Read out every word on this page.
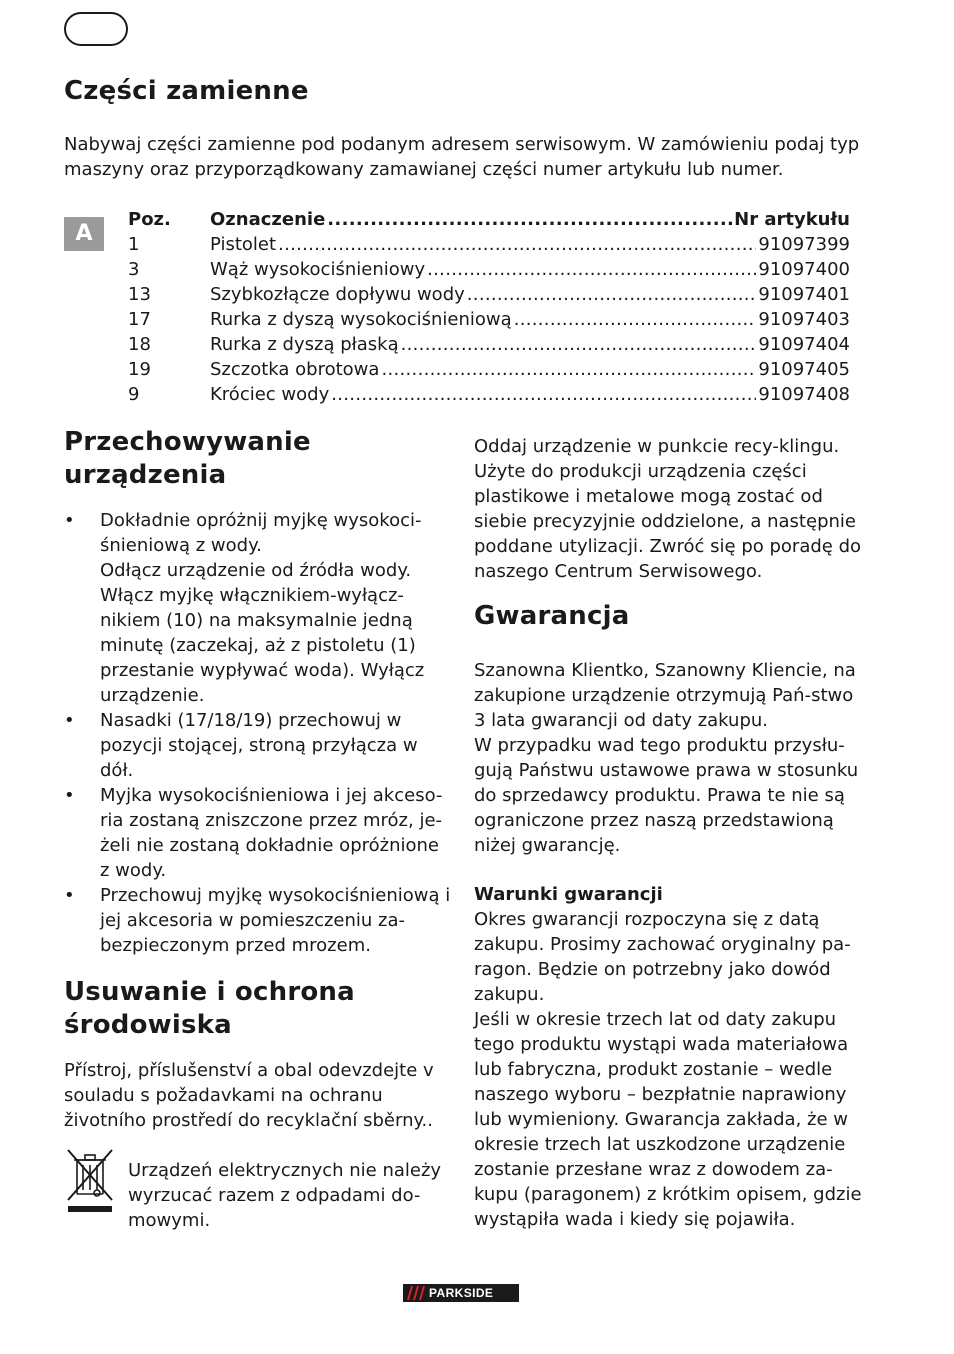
Części zamienne
Nabywaj części zamienne pod podanym adresem serwisowym. W zamówieniu podaj typ maszyny oraz przyporządkowany zamawianej części numer artykułu lub numer.
A
Poz.	Oznaczenie .....	Nr artykułu
1	Pistolet .....	91097399
3	Wąż wysokociśnieniowy .....	91097400
13	Szybkozłącze dopływu wody .....	91097401
17	Rurka z dyszą wysokociśnieniową .....	91097403
18	Rurka z dyszą płaską .....	91097404
19	Szczotka obrotowa .....	91097405
9	Króciec wody .....	91097408
Przechowywanie
urządzenia
• Dokładnie opróżnij myjkę wysokoci-śnieniową z wody.
Odłącz urządzenie od źródła wody. Włącz myjkę włącznikiem-wyłącz-nikiem (10) na maksymalnie jedną minutę (zaczekaj, aż z pistoletu (1) przestanie wypływać woda). Wyłącz urządzenie.
• Nasadki (17/18/19) przechowuj w pozycji stojącej, stroną przyłącza w dół.
• Myjka wysokociśnieniowa i jej akceso-ria zostaną zniszczone przez mróz, je-żeli nie zostaną dokładnie opróżnione z wody.
• Przechowuj myjkę wysokociśnieniową i jej akcesoria w pomieszczeniu za-bezpieczonym przed mrozem.
Usuwanie i ochrona
środowiska
Přístroj, příslušenství a obal odevzdejte v souladu s požadavkami na ochranu životního prostředí do recyklační sběrny..
Urządzeń elektrycznych nie należy wyrzucać razem z odpadami do-mowymi.
Oddaj urządzenie w punkcie recy-klingu. Użyte do produkcji urządzenia części plastikowe i metalowe mogą zostać od siebie precyzyjnie oddzielone, a następnie poddane utylizacji. Zwróć się po poradę do naszego Centrum Serwisowego.
Gwarancja
Szanowna Klientko, Szanowny Kliencie, na zakupione urządzenie otrzymują Pań-stwo 3 lata gwarancji od daty zakupu.
W przypadku wad tego produktu przysłu-gują Państwu ustawowe prawa w stosunku do sprzedawcy produktu. Prawa te nie są ograniczone przez naszą przedstawioną niżej gwarancję.
Warunki gwarancji
Okres gwarancji rozpoczyna się z datą zakupu. Prosimy zachować oryginalny pa-ragon. Będzie on potrzebny jako dowód zakupu.
Jeśli w okresie trzech lat od daty zakupu tego produktu wystąpi wada materiałowa lub fabryczna, produkt zostanie – wedle naszego wyboru – bezpłatnie naprawiony lub wymieniony. Gwarancja zakłada, że w okresie trzech lat uszkodzone urządzenie zostanie przesłane wraz z dowodem za-kupu (paragonem) z krótkim opisem, gdzie wystąpiła wada i kiedy się pojawiła.
PARKSIDE
